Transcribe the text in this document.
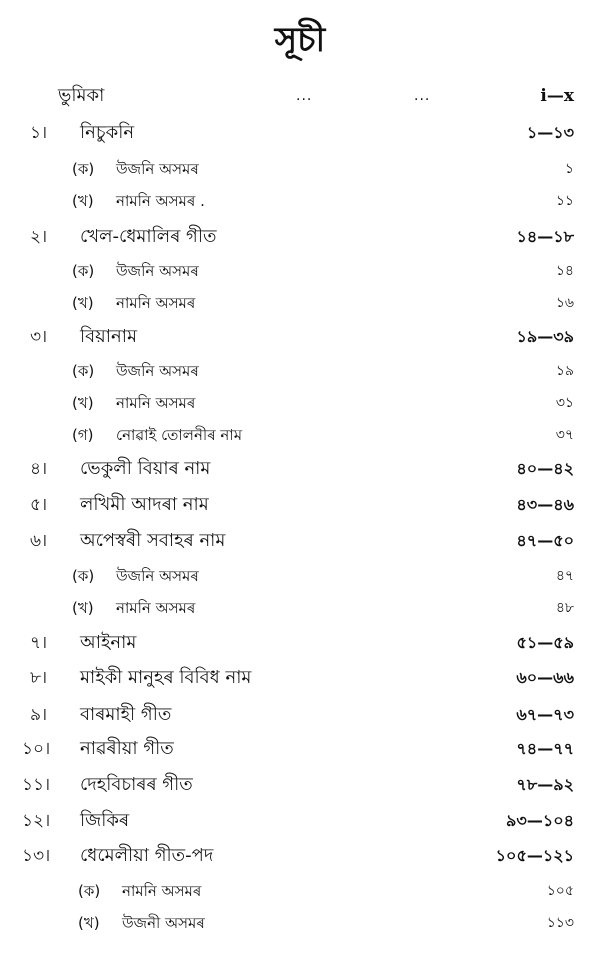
সূচী
ভুমিকা	...	...	i—x
১। নিচুকনি	১—১৩
(ক) উজনি অসমৰ	১
(খ) নামনি অসমৰ .	১১
২। খেল-ধেমালিৰ গীত	১৪—১৮
(ক) উজনি অসমৰ	১৪
(খ) নামনি অসমৰ	১৬
৩। বিয়ানাম	১৯—৩৯
(ক) উজনি অসমৰ	১৯
(খ) নামনি অসমৰ	৩১
(গ) নোৱাই তোলনীৰ নাম	৩৭
৪। ভেকুলী বিয়াৰ নাম	৪০—৪২
৫। লখিমী আদৰা নাম	৪৩—৪৬
৬। অপেস্বৰী সবাহৰ নাম	৪৭—৫০
(ক) উজনি অসমৰ	৪৭
(খ) নামনি অসমৰ	৪৮
৭। আইনাম	৫১—৫৯
৮। মাইকী মানুহৰ বিবিধ নাম	৬০—৬৬
৯। বাৰমাহী গীত	৬৭—৭৩
১০। নাৱৰীয়া গীত	৭৪—৭৭
১১। দেহবিচাৰৰ গীত	৭৮—৯২
১২। জিকিৰ	৯৩—১০৪
১৩। ধেমেলীয়া গীত-পদ	১০৫—১২১
(ক) নামনি অসমৰ	১০৫
(খ) উজনী অসমৰ	১১৩
